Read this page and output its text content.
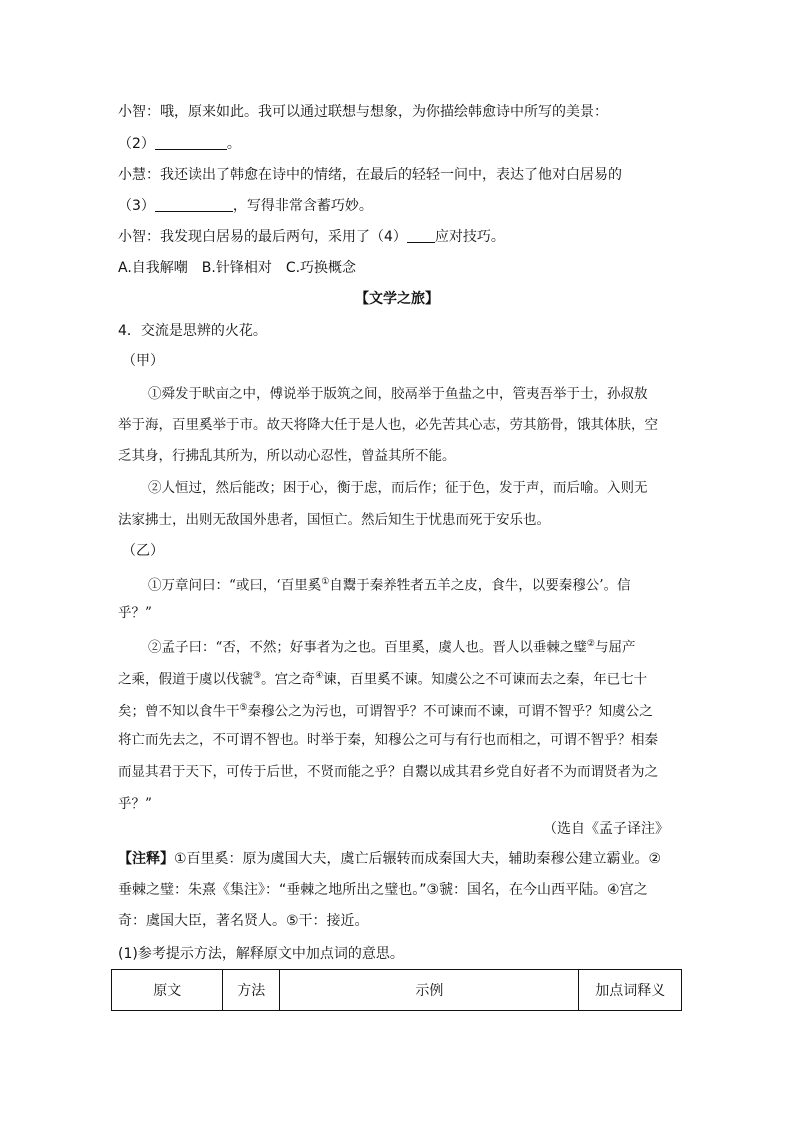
小智：哦，原来如此。我可以通过联想与想象，为你描绘韩愈诗中所写的美景：
（2）	。
小慧：我还读出了韩愈在诗中的情绪，在最后的轻轻一问中，表达了他对白居易的
（3）	，写得非常含蓄巧妙。
小智：我发现白居易的最后两句，采用了（4） 应对技巧。
A.自我解嘲　B.针锋相对　C.巧换概念
【文学之旅】
4．交流是思辨的火花。
（甲）
①舜发于畎亩之中，傅说举于版筑之间，胶鬲举于鱼盐之中，管夷吾举于士，孙叔敖
举于海，百里奚举于市。故天将降大任于是人也，必先苦其心志，劳其筋骨，饿其体肤，空
乏其身，行拂乱其所为，所以动心忍性，曾益其所不能。
②人恒过，然后能改；困于心，衡于虑，而后作；征于色，发于声，而后喻。入则无
法家拂士，出则无敌国外患者，国恒亡。然后知生于忧患而死于安乐也。
（乙）
①万章问曰：“或曰，‘百里奚①自鬻于秦养牲者五羊之皮，食牛，以要秦穆公’。信
乎？”
②孟子曰：“否，不然；好事者为之也。百里奚，虞人也。晋人以垂棘之璧②与屈产
之乘，假道于虞以伐虢③。宫之奇④谏，百里奚不谏。知虞公之不可谏而去之秦，年已七十
矣；曾不知以食牛干⑤秦穆公之为污也，可谓智乎？不可谏而不谏，可谓不智乎？知虞公之
将亡而先去之，不可谓不智也。时举于秦，知穆公之可与有行也而相之，可谓不智乎？相秦
而显其君于天下，可传于后世，不贤而能之乎？自鬻以成其君乡党自好者不为而谓贤者为之
乎？”
（选自《孟子译注》
【注释】①百里奚：原为虞国大夫，虞亡后辗转而成秦国大夫，辅助秦穆公建立霸业。②
垂棘之璧：朱熹《集注》：“垂棘之地所出之璧也。”③虢：国名，在今山西平陆。④宫之
奇：虞国大臣，著名贤人。⑤干：接近。
(1)参考提示方法，解释原文中加点词的意思。
原文	方法	示例	加点词释义
